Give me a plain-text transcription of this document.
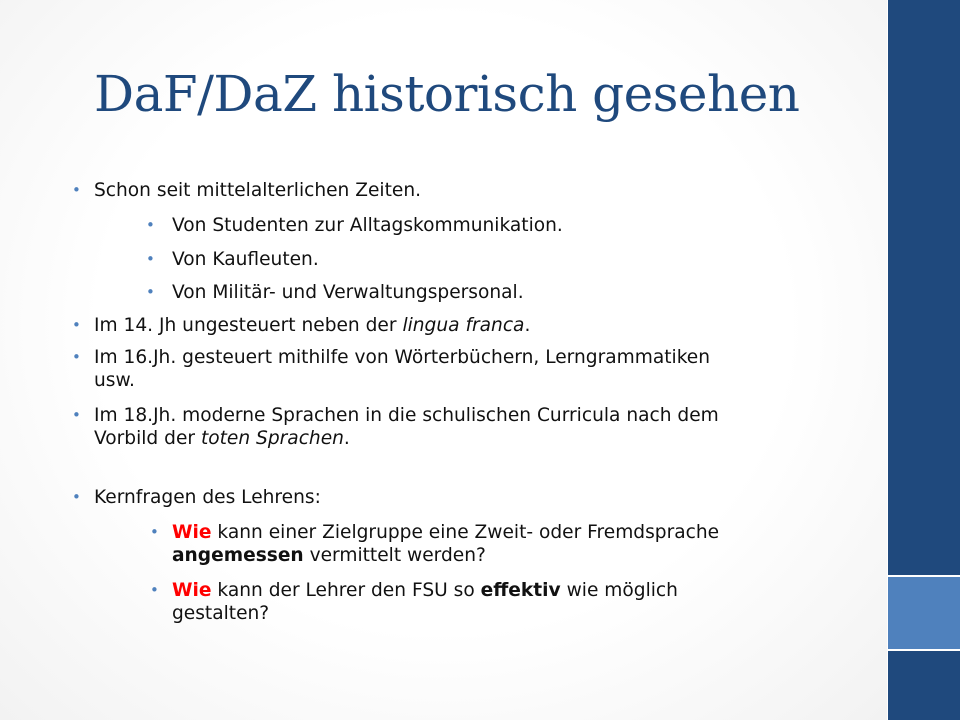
DaF/DaZ historisch gesehen
• Schon seit mittelalterlichen Zeiten.
• Von Studenten zur Alltagskommunikation.
• Von Kaufleuten.
• Von Militär- und Verwaltungspersonal.
• Im 14. Jh ungesteuert neben der lingua franca.
• Im 16.Jh. gesteuert mithilfe von Wörterbüchern, Lerngrammatiken
usw.
• Im 18.Jh. moderne Sprachen in die schulischen Curricula nach dem
Vorbild der toten Sprachen.
• Kernfragen des Lehrens:
• Wie kann einer Zielgruppe eine Zweit- oder Fremdsprache
angemessen vermittelt werden?
• Wie kann der Lehrer den FSU so effektiv wie möglich
gestalten?
